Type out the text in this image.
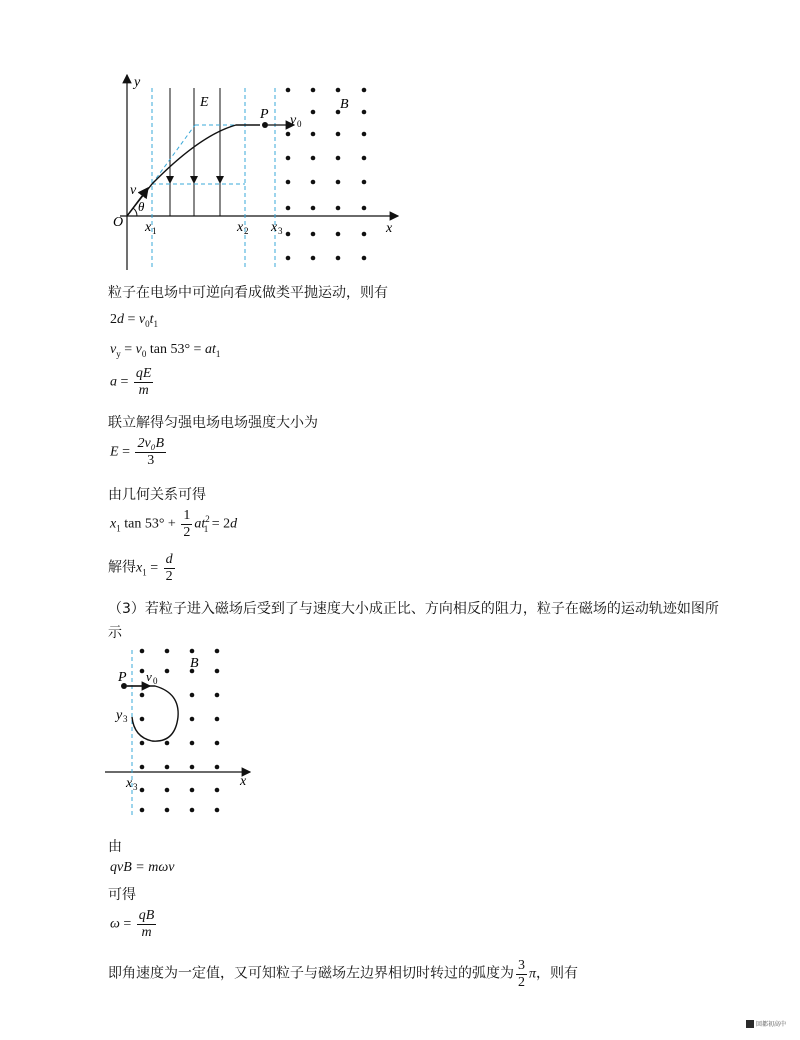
y
x
O
E
P
B
v 0
v
θ
x 1	x 2 x 3
粒子在电场中可逆向看成做类平抛运动，则有
$2d = v_0t_1$
$v_y = v_0$ $\tan 53^\circ = at_1$
$a = \frac{qE}{m}$
联立解得匀强电场电场强度大小为
$E = \frac{\text{2v₀B}}{3}$
由几何关系可得
$x_1$ $\tan 53^\circ + \frac{1}{2} at^2_1 = 2d$
解得$x_1 = \frac{d}{2}$
（3）若粒子进入磁场后受到了与速度大小成正比、方向相反的阻力，粒子在磁场的运动轨迹如图所
示
P
B
v 0
y 3
x 3	x
由
qvB = mωv
可得
$\omega = \frac{qB}{m}$
即角速度为一定值，又可知粒子与磁场左边界相切时转过的弧度为 $\frac{3}{2}$ π，则有
回都初高中
